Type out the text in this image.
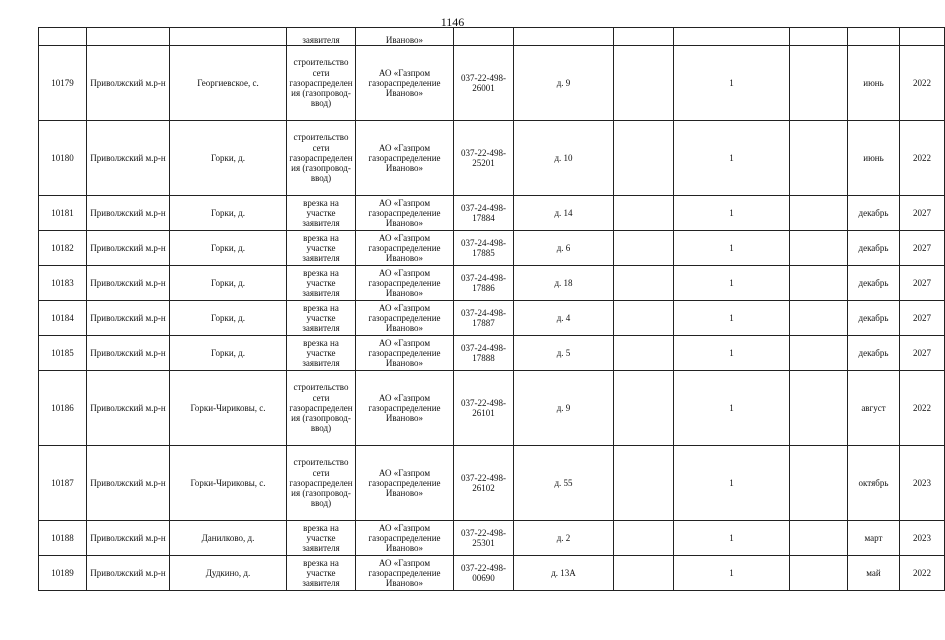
1146
			заявителя	Иваново»							
10179	Приволжский м.р-н	Георгиевское, с.	строительство сети газораспределения (газопровод-ввод)	АО «Газпром газораспределение Иваново»	037-22-498-26001	д. 9		1		июнь	2022
10180	Приволжский м.р-н	Горки, д.	строительство сети газораспределения (газопровод-ввод)	АО «Газпром газораспределение Иваново»	037-22-498-25201	д. 10		1		июнь	2022
10181	Приволжский м.р-н	Горки, д.	врезка на участке заявителя	АО «Газпром газораспределение Иваново»	037-24-498-17884	д. 14		1		декабрь	2027
10182	Приволжский м.р-н	Горки, д.	врезка на участке заявителя	АО «Газпром газораспределение Иваново»	037-24-498-17885	д. 6		1		декабрь	2027
10183	Приволжский м.р-н	Горки, д.	врезка на участке заявителя	АО «Газпром газораспределение Иваново»	037-24-498-17886	д. 18		1		декабрь	2027
10184	Приволжский м.р-н	Горки, д.	врезка на участке заявителя	АО «Газпром газораспределение Иваново»	037-24-498-17887	д. 4		1		декабрь	2027
10185	Приволжский м.р-н	Горки, д.	врезка на участке заявителя	АО «Газпром газораспределение Иваново»	037-24-498-17888	д. 5		1		декабрь	2027
10186	Приволжский м.р-н	Горки-Чириковы, с.	строительство сети газораспределения (газопровод-ввод)	АО «Газпром газораспределение Иваново»	037-22-498-26101	д. 9		1		август	2022
10187	Приволжский м.р-н	Горки-Чириковы, с.	строительство сети газораспределения (газопровод-ввод)	АО «Газпром газораспределение Иваново»	037-22-498-26102	д. 55		1		октябрь	2023
10188	Приволжский м.р-н	Данилково, д.	врезка на участке заявителя	АО «Газпром газораспределение Иваново»	037-22-498-25301	д. 2		1		март	2023
10189	Приволжский м.р-н	Дудкино, д.	врезка на участке заявителя	АО «Газпром газораспределение Иваново»	037-22-498-00690	д. 13А		1		май	2022
